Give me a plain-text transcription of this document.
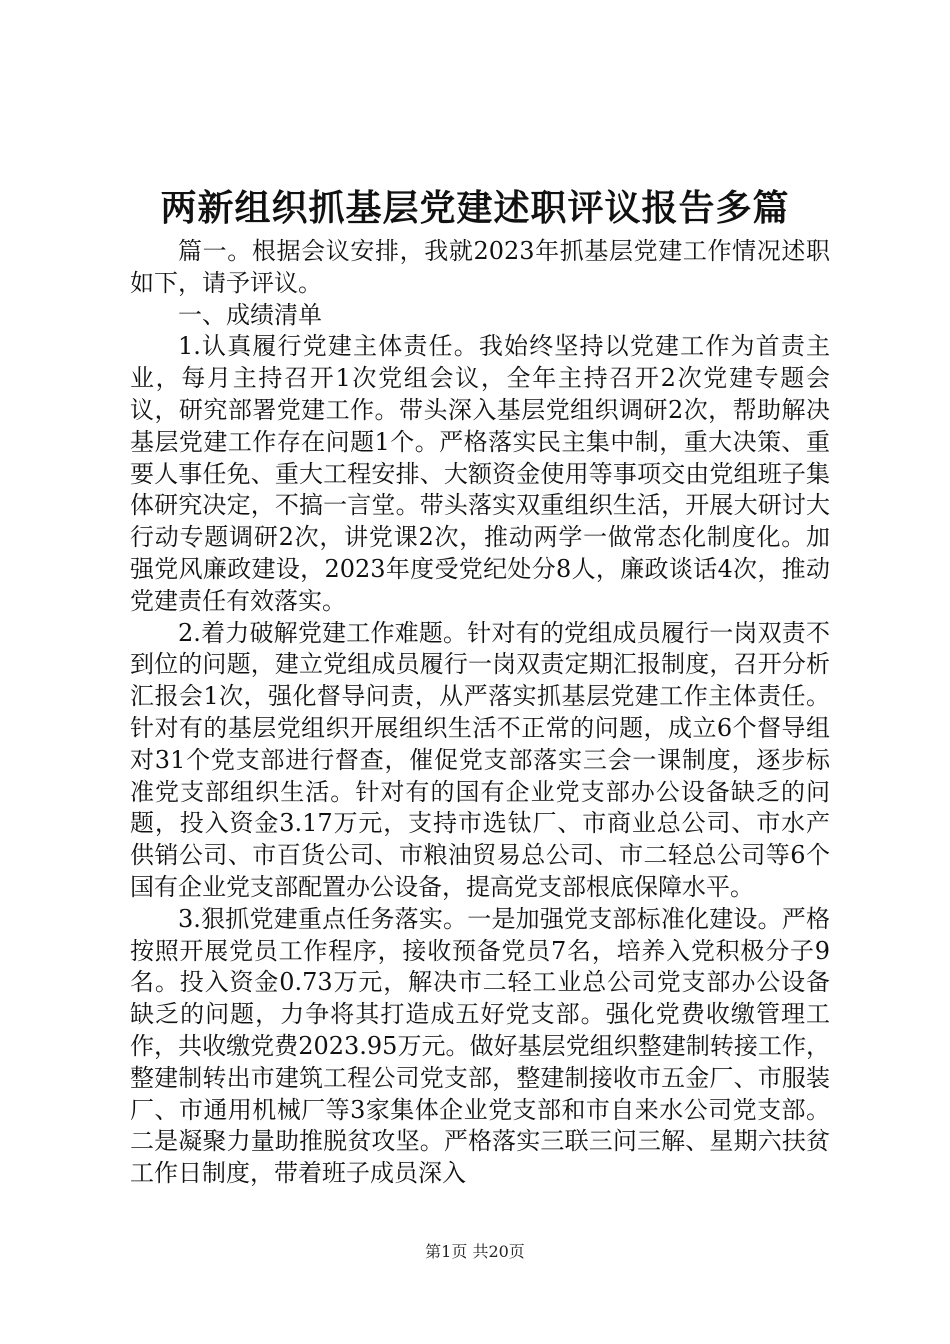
两新组织抓基层党建述职评议报告多篇

篇一。根据会议安排，我就2023年抓基层党建工作情况述职如下，请予评议。

一、成绩清单

1.认真履行党建主体责任。我始终坚持以党建工作为首责主业，每月主持召开1次党组会议，全年主持召开2次党建专题会议，研究部署党建工作。带头深入基层党组织调研2次，帮助解决基层党建工作存在问题1个。严格落实民主集中制，重大决策、重要人事任免、重大工程安排、大额资金使用等事项交由党组班子集体研究决定，不搞一言堂。带头落实双重组织生活，开展大研讨大行动专题调研2次，讲党课2次，推动两学一做常态化制度化。加强党风廉政建设，2023年度受党纪处分8人，廉政谈话4次，推动党建责任有效落实。

2.着力破解党建工作难题。针对有的党组成员履行一岗双责不到位的问题，建立党组成员履行一岗双责定期汇报制度，召开分析汇报会1次，强化督导问责，从严落实抓基层党建工作主体责任。针对有的基层党组织开展组织生活不正常的问题，成立6个督导组对31个党支部进行督查，催促党支部落实三会一课制度，逐步标准党支部组织生活。针对有的国有企业党支部办公设备缺乏的问题，投入资金3.17万元，支持市选钛厂、市商业总公司、市水产供销公司、市百货公司、市粮油贸易总公司、市二轻总公司等6个国有企业党支部配置办公设备，提高党支部根底保障水平。

3.狠抓党建重点任务落实。一是加强党支部标准化建设。严格按照开展党员工作程序，接收预备党员7名，培养入党积极分子9名。投入资金0.73万元，解决市二轻工业总公司党支部办公设备缺乏的问题，力争将其打造成五好党支部。强化党费收缴管理工作，共收缴党费2023.95万元。做好基层党组织整建制转接工作，整建制转出市建筑工程公司党支部，整建制接收市五金厂、市服装厂、市通用机械厂等3家集体企业党支部和市自来水公司党支部。二是凝聚力量助推脱贫攻坚。严格落实三联三问三解、星期六扶贫工作日制度，带着班子成员深入

第1页 共20页
